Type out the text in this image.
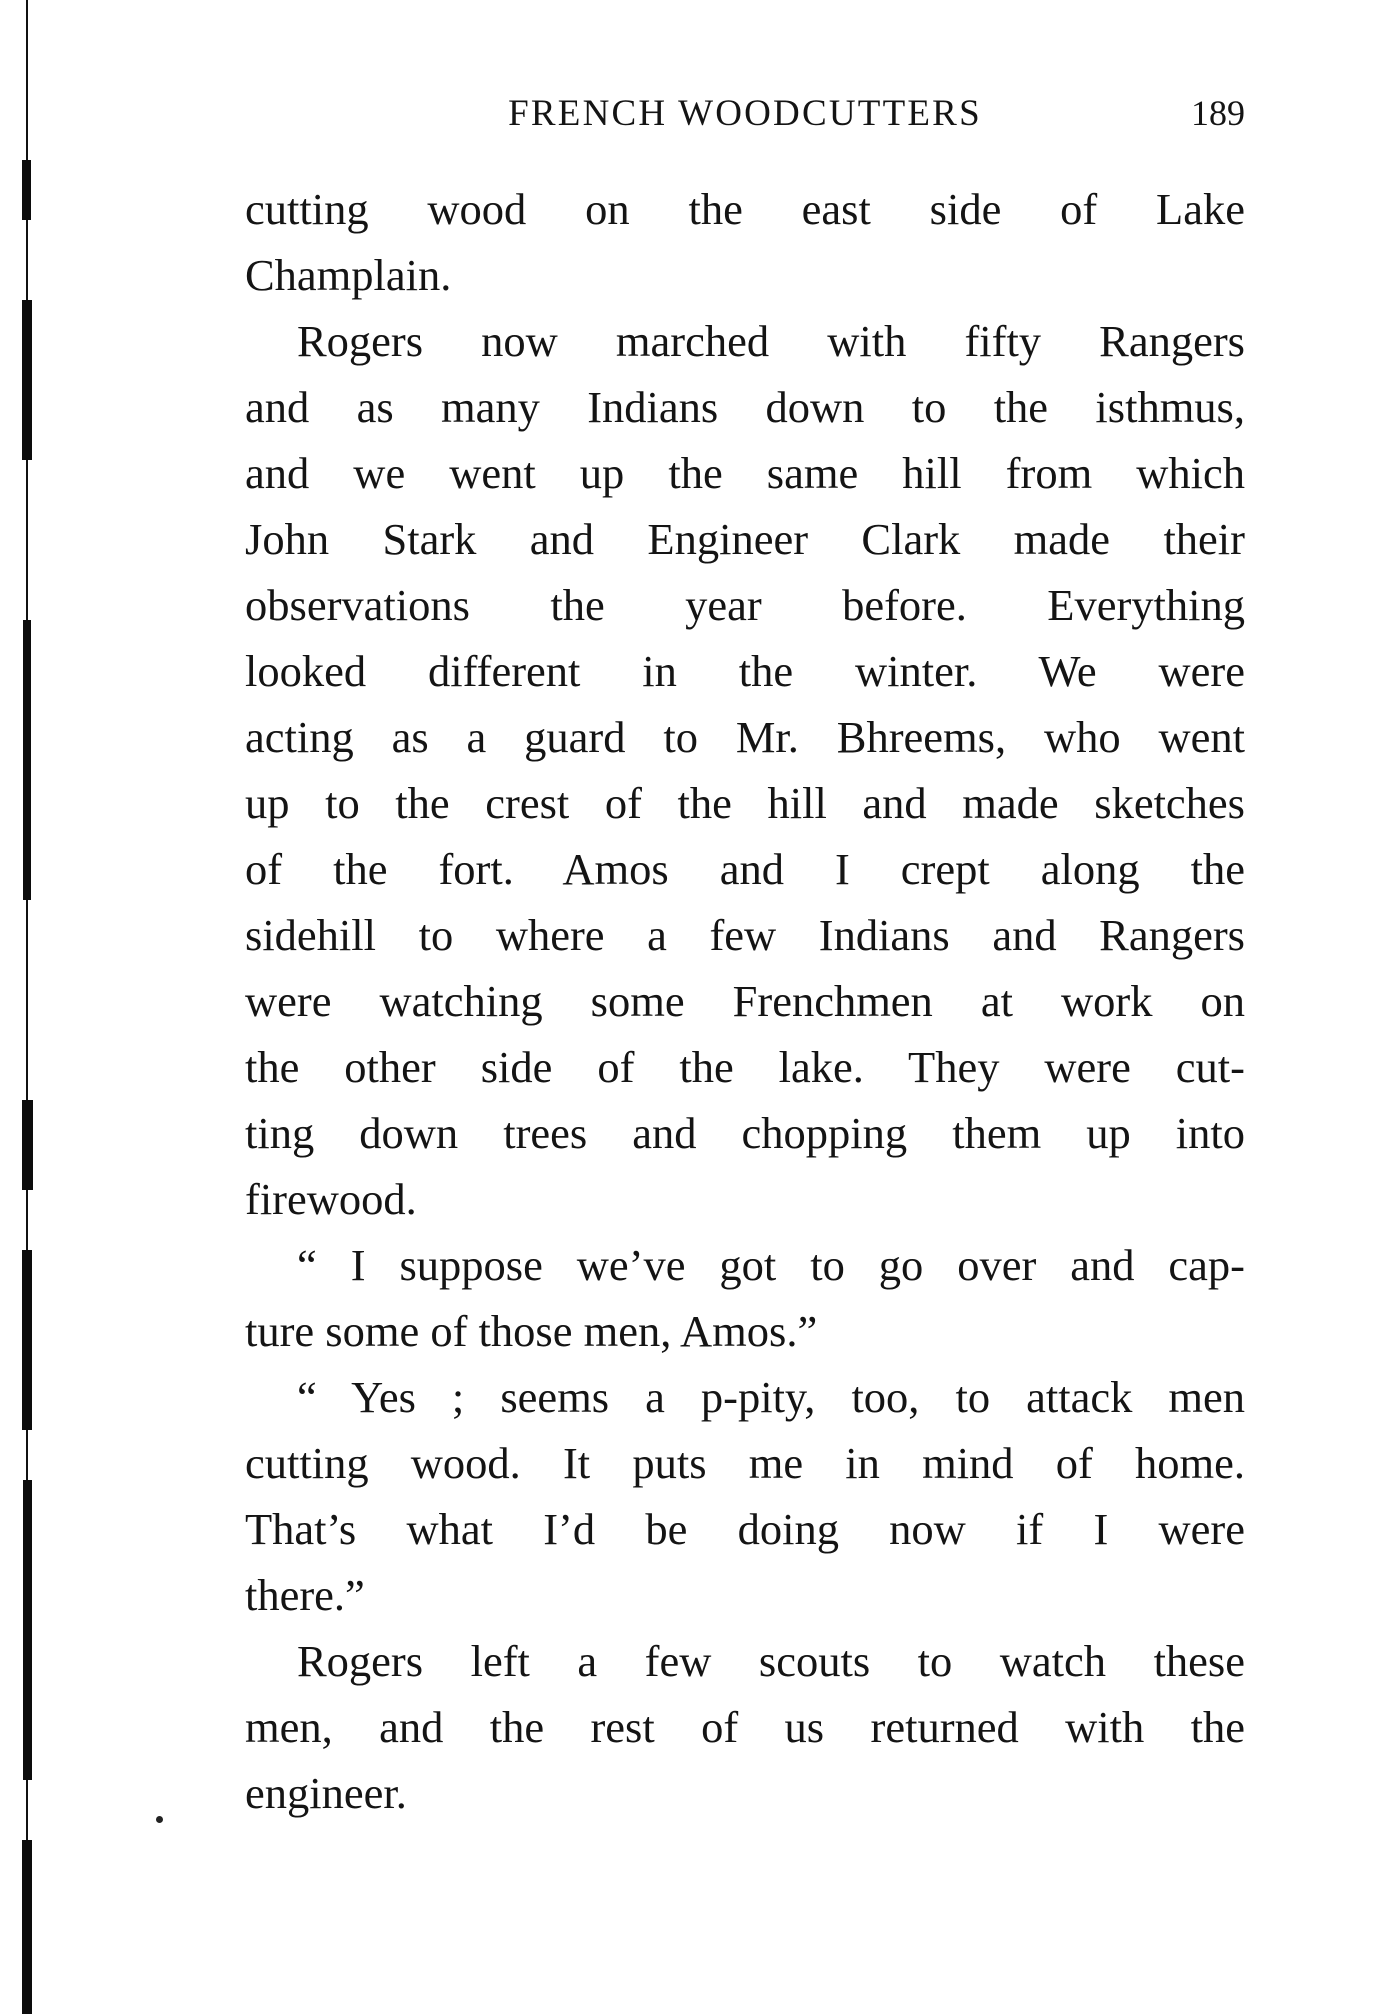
FRENCH WOODCUTTERS	189
cutting wood on the east side of Lake
Champlain.
Rogers now marched with fifty Rangers
and as many Indians down to the isthmus,
and we went up the same hill from which
John Stark and Engineer Clark made their
observations the year before. Everything
looked different in the winter. We were
acting as a guard to Mr. Bhreems, who went
up to the crest of the hill and made sketches
of the fort. Amos and I crept along the
sidehill to where a few Indians and Rangers
were watching some Frenchmen at work on
the other side of the lake. They were cut-
ting down trees and chopping them up into
firewood.
“ I suppose we’ve got to go over and cap-
ture some of those men, Amos.”
“ Yes ; seems a p-pity, too, to attack men
cutting wood. It puts me in mind of home.
That’s what I’d be doing now if I were
there.”
Rogers left a few scouts to watch these
men, and the rest of us returned with the
engineer.
